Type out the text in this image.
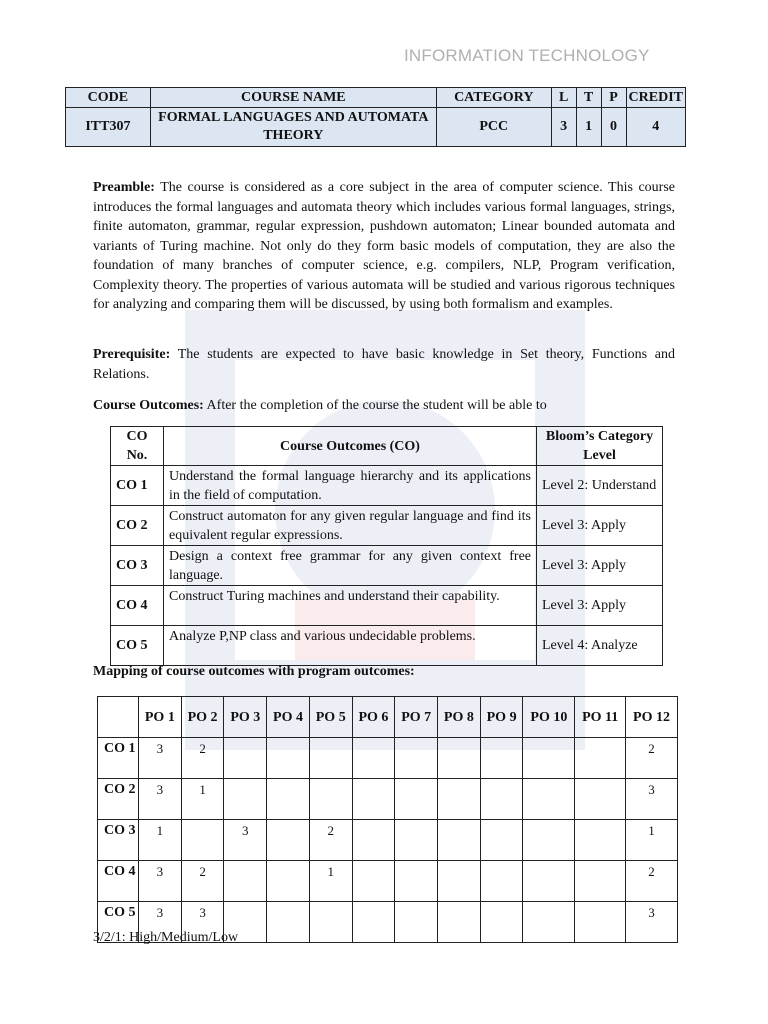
INFORMATION TECHNOLOGY
CODE	COURSE NAME	CATEGORY	L	T	P	CREDIT
ITT307	FORMAL LANGUAGES AND AUTOMATA THEORY	PCC	3	1	0	4

Preamble: The course is considered as a core subject in the area of computer science. This course introduces the formal languages and automata theory which includes various formal languages, strings, finite automaton, grammar, regular expression, pushdown automaton; Linear bounded automata and variants of Turing machine. Not only do they form basic models of computation, they are also the foundation of many branches of computer science, e.g. compilers, NLP, Program verification, Complexity theory. The properties of various automata will be studied and various rigorous techniques for analyzing and comparing them will be discussed, by using both formalism and examples.

Prerequisite: The students are expected to have basic knowledge in Set theory, Functions and Relations.

Course Outcomes: After the completion of the course the student will be able to

CO No.	Course Outcomes (CO)	Bloom’s Category Level
CO 1	Understand the formal language hierarchy and its applications in the field of computation.	Level 2: Understand
CO 2	Construct automaton for any given regular language and find its equivalent regular expressions.	Level 3: Apply
CO 3	Design a context free grammar for any given context free language.	Level 3: Apply
CO 4	Construct Turing machines and understand their capability.	Level 3: Apply
CO 5	Analyze P,NP class and various undecidable problems.	Level 4: Analyze
Mapping of course outcomes with program outcomes:
	PO 1	PO 2	PO 3	PO 4	PO 5	PO 6	PO 7	PO 8	PO 9	PO 10	PO 11	PO 12
CO 1	3	2										2
CO 2	3	1										3
CO 3	1		3		2							1
CO 4	3	2			1							2
CO 5	3	3										3
3/2/1: High/Medium/Low
